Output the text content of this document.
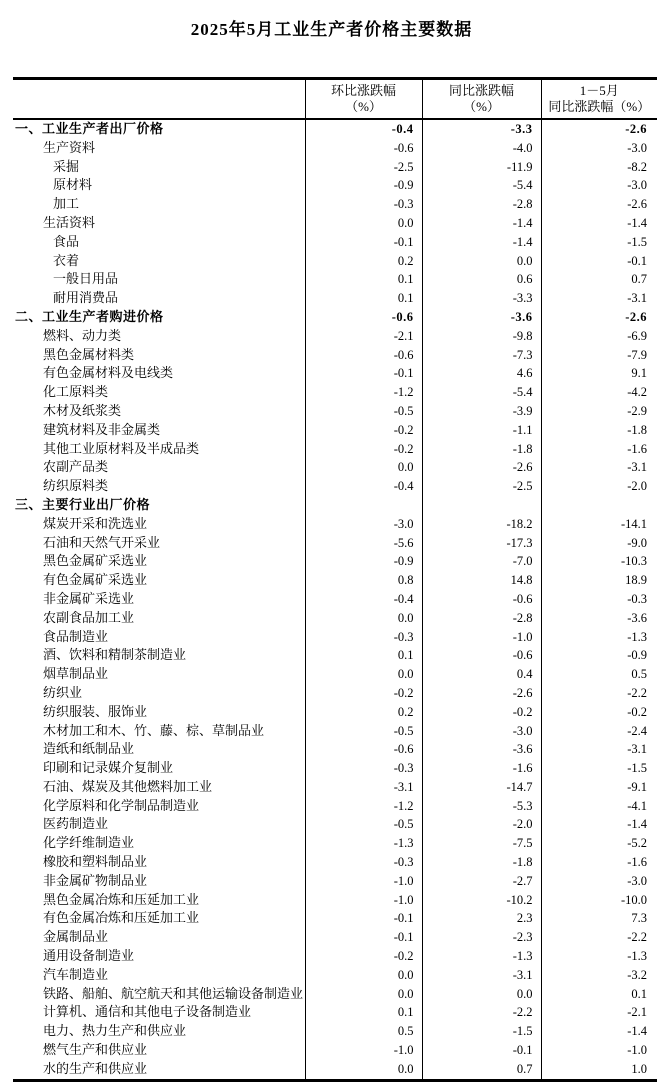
2025年5月工业生产者价格主要数据

环比涨跌幅
（%）

同比涨跌幅
（%）

1－5月
同比涨跌幅（%）

一、工业生产者出厂价格	-0.4	-3.3	-2.6
生产资料	-0.6	-4.0	-3.0
采掘	-2.5	-11.9	-8.2
原材料	-0.9	-5.4	-3.0
加工	-0.3	-2.8	-2.6
生活资料	0.0	-1.4	-1.4
食品	-0.1	-1.4	-1.5
衣着	0.2	0.0	-0.1
一般日用品	0.1	0.6	0.7
耐用消费品	0.1	-3.3	-3.1
二、工业生产者购进价格	-0.6	-3.6	-2.6
燃料、动力类	-2.1	-9.8	-6.9
黑色金属材料类	-0.6	-7.3	-7.9
有色金属材料及电线类	-0.1	4.6	9.1
化工原料类	-1.2	-5.4	-4.2
木材及纸浆类	-0.5	-3.9	-2.9
建筑材料及非金属类	-0.2	-1.1	-1.8
其他工业原材料及半成品类	-0.2	-1.8	-1.6
农副产品类	0.0	-2.6	-3.1
纺织原料类	-0.4	-2.5	-2.0
三、主要行业出厂价格			
煤炭开采和洗选业	-3.0	-18.2	-14.1
石油和天然气开采业	-5.6	-17.3	-9.0
黑色金属矿采选业	-0.9	-7.0	-10.3
有色金属矿采选业	0.8	14.8	18.9
非金属矿采选业	-0.4	-0.6	-0.3
农副食品加工业	0.0	-2.8	-3.6
食品制造业	-0.3	-1.0	-1.3
酒、饮料和精制茶制造业	0.1	-0.6	-0.9
烟草制品业	0.0	0.4	0.5
纺织业	-0.2	-2.6	-2.2
纺织服装、服饰业	0.2	-0.2	-0.2
木材加工和木、竹、藤、棕、草制品业	-0.5	-3.0	-2.4
造纸和纸制品业	-0.6	-3.6	-3.1
印刷和记录媒介复制业	-0.3	-1.6	-1.5
石油、煤炭及其他燃料加工业	-3.1	-14.7	-9.1
化学原料和化学制品制造业	-1.2	-5.3	-4.1
医药制造业	-0.5	-2.0	-1.4
化学纤维制造业	-1.3	-7.5	-5.2
橡胶和塑料制品业	-0.3	-1.8	-1.6
非金属矿物制品业	-1.0	-2.7	-3.0
黑色金属冶炼和压延加工业	-1.0	-10.2	-10.0
有色金属冶炼和压延加工业	-0.1	2.3	7.3
金属制品业	-0.1	-2.3	-2.2
通用设备制造业	-0.2	-1.3	-1.3
汽车制造业	0.0	-3.1	-3.2
铁路、船舶、航空航天和其他运输设备制造业	0.0	0.0	0.1
计算机、通信和其他电子设备制造业	0.1	-2.2	-2.1
电力、热力生产和供应业	0.5	-1.5	-1.4
燃气生产和供应业	-1.0	-0.1	-1.0
水的生产和供应业	0.0	0.7	1.0
